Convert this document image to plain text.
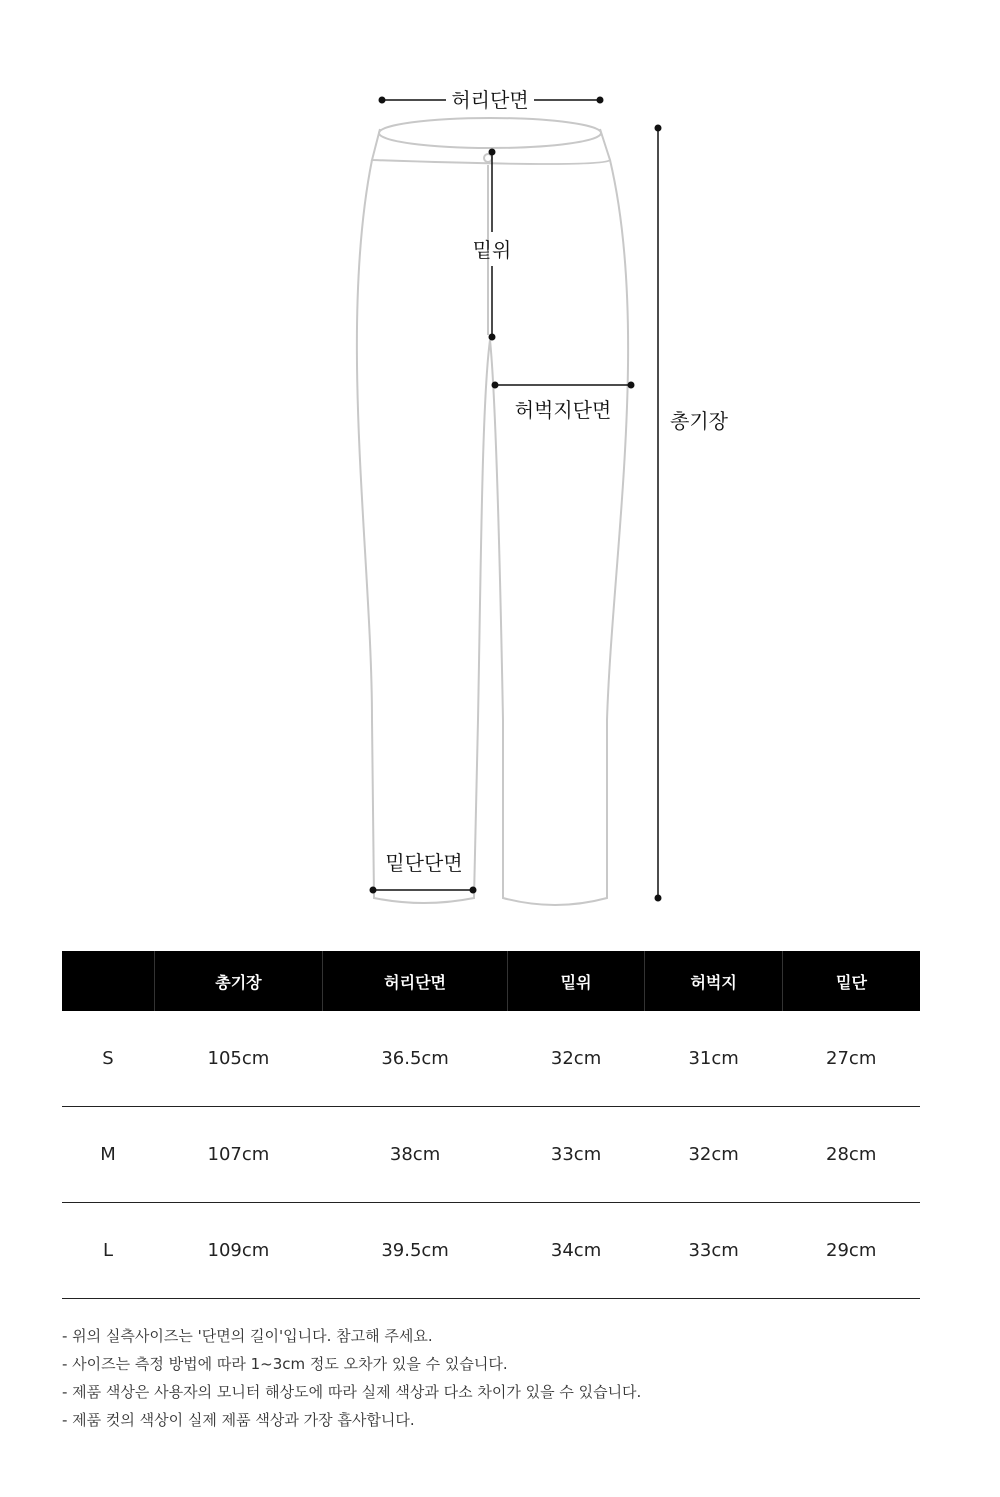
허리단면
밑위
허벅지단면	총기장
밑단단면
	총기장	허리단면	밑위	허벅지	밑단
S	105cm	36.5cm	32cm	31cm	27cm
M	107cm	38cm	33cm	32cm	28cm
L	109cm	39.5cm	34cm	33cm	29cm
- 위의 실측사이즈는 '단면의 길이'입니다. 참고해 주세요.
- 사이즈는 측정 방법에 따라 1~3cm 정도 오차가 있을 수 있습니다.
- 제품 색상은 사용자의 모니터 해상도에 따라 실제 색상과 다소 차이가 있을 수 있습니다.
- 제품 컷의 색상이 실제 제품 색상과 가장 흡사합니다.
